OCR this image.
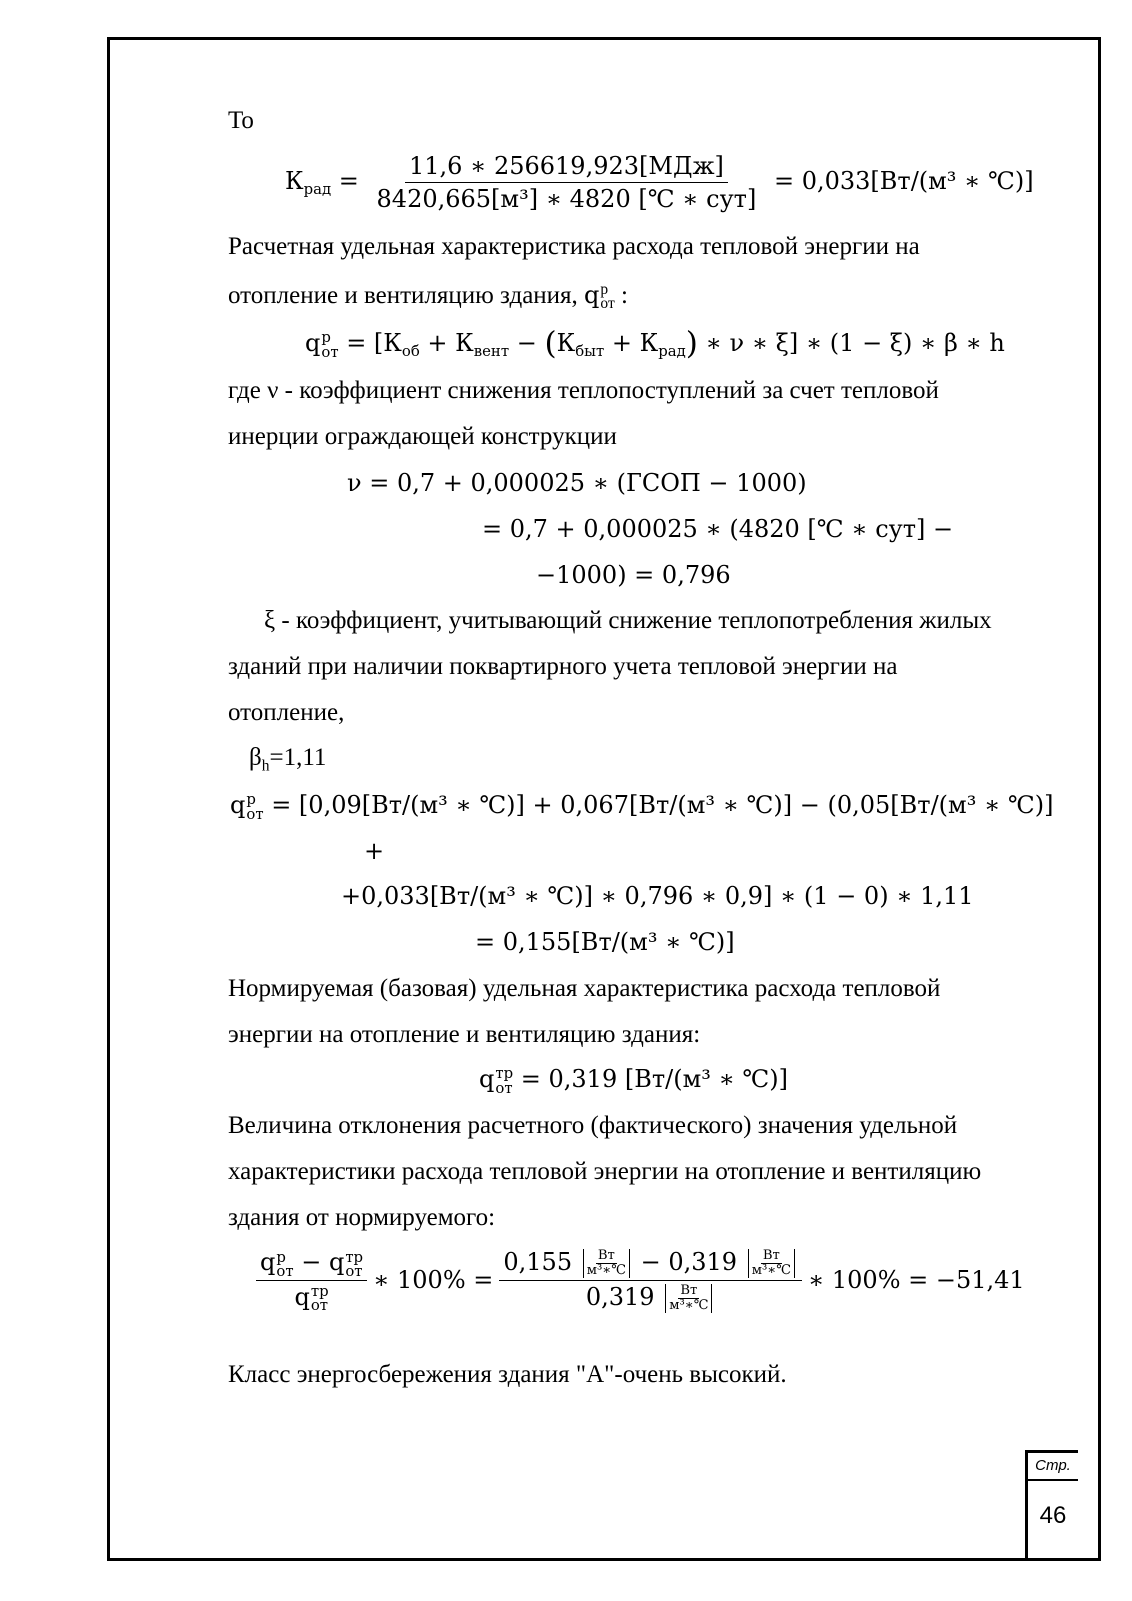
То
$К_{рад} = \frac{\text{11,6 ∗ 256619,923[МДж]}}{\text{8420,665[м³] ∗ 4820 [℃ ∗ сут]}} = 0,033[Вт/(м^3$ ∗ ℃)]
Расчетная удельная характеристика расхода тепловой энергии на
отопление и вентиляцию здания, q р
от :
q р
от = [$К_{об} + К_{вент} - (К_{быт} + К_{рад})$ ∗ ν ∗ ξ] ∗ (1 − ξ) ∗ β ∗ h
где ν - коэффициент снижения теплопоступлений за счет тепловой
инерции ограждающей конструкции
ν = 0,7 + 0,000025 ∗ (ГСОП − 1000)
= 0,7 + 0,000025 ∗ (4820 [℃ ∗ сут] −
−1000) = 0,796
ξ - коэффициент, учитывающий снижение теплопотребления жилых
зданий при наличии поквартирного учета тепловой энергии на
отопление,
$\beta_h=1,11$
q р
от = [0,09[Вт/(м³ ∗ ℃)] + 0,067[Вт/(м³ ∗ ℃)] − (0,05[Вт/(м³ ∗ ℃)]
+
+0,033[Вт/(м³ ∗ ℃)] ∗ 0,796 ∗ 0,9] ∗ (1 − 0) ∗ 1,11
= 0,155[Вт/(м³ ∗ ℃)]
Нормируемая (базовая) удельная характеристика расхода тепловой
энергии на отопление и вентиляцию здания:
q тр
от = 0,319 [Вт/(м³ ∗ ℃)]
Величина отклонения расчетного (фактического) значения удельной
характеристики расхода тепловой энергии на отопление и вентиляцию
здания от нормируемого:
q р
от − q тр
от
q тр
от ∗ 100% = 0,155 Вт
м³∗℃ − 0,319 Вт
м³∗℃
0,319 Вт
м³∗℃ ∗ 100% = −51,41
Класс энергосбережения здания "А"-очень высокий.
Стр.
46
